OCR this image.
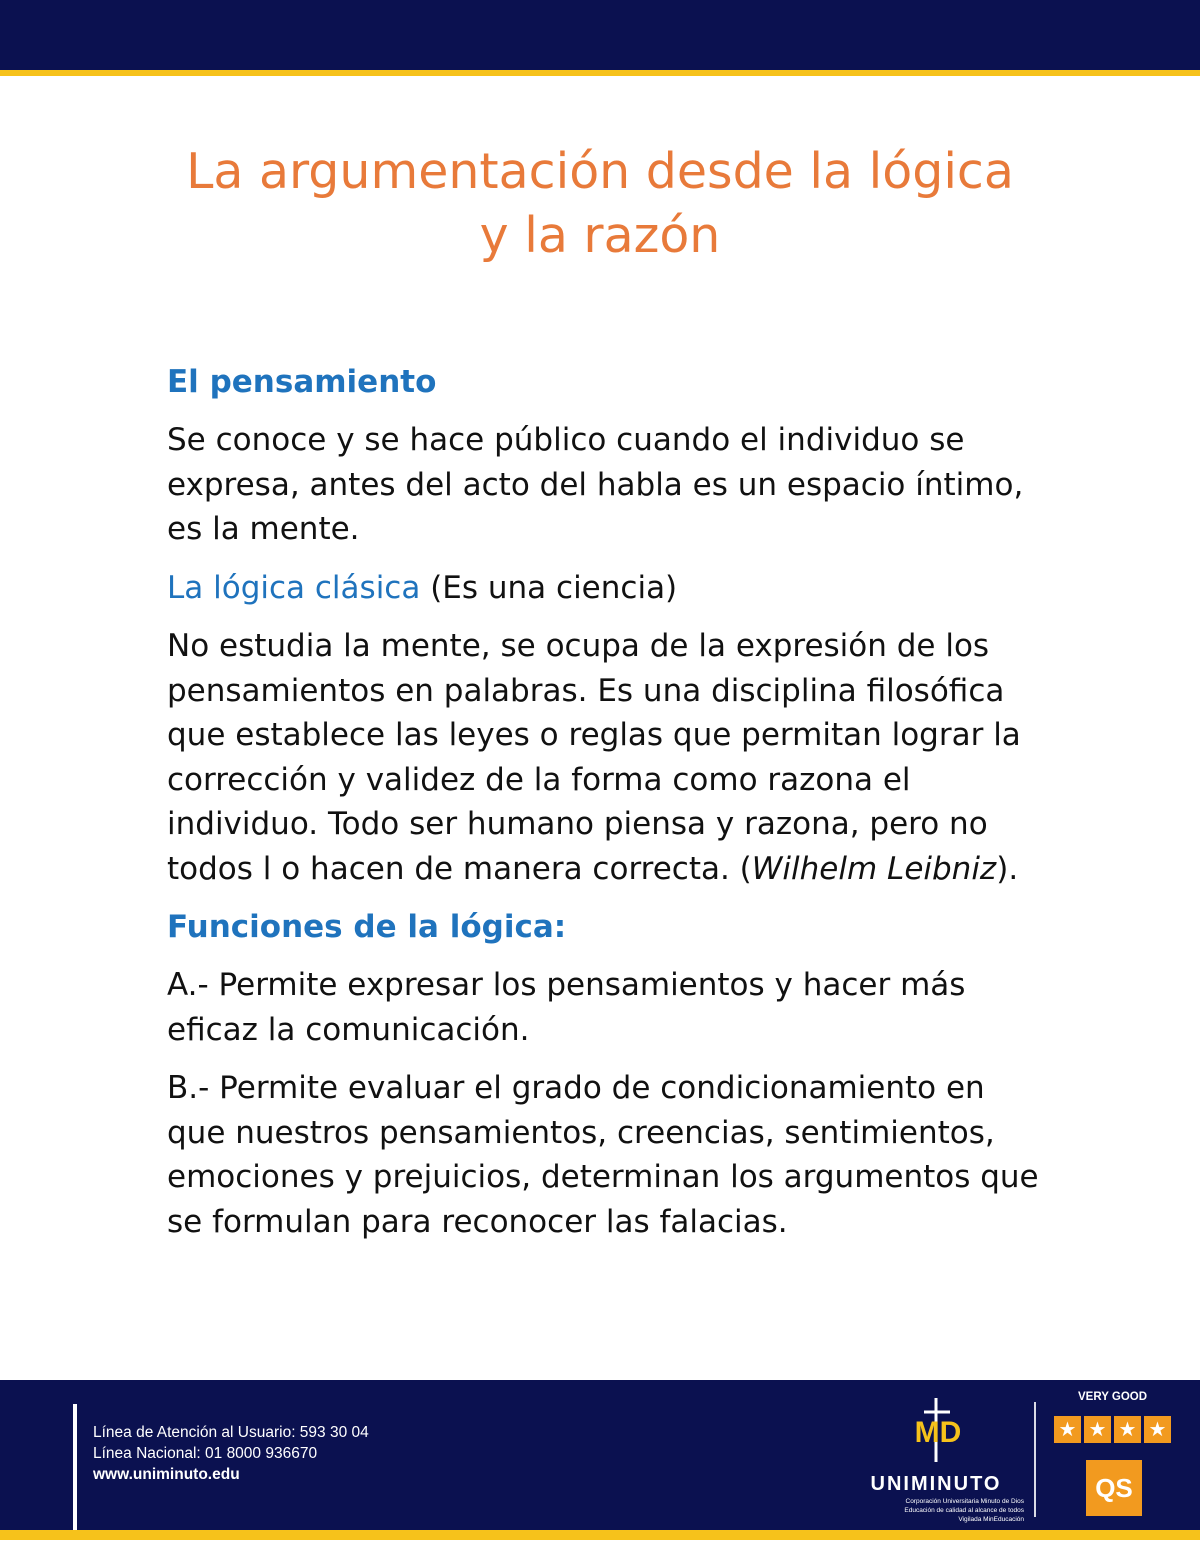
La argumentación desde la lógica
y la razón
El pensamiento

Se conoce y se hace público cuando el individuo se expresa, antes del acto del habla es un espacio íntimo, es la mente.

La lógica clásica (Es una ciencia)

No estudia la mente, se ocupa de la expresión de los pensamientos en palabras. Es una disciplina filosófica que establece las leyes o reglas que permitan lograr la corrección y validez de la forma como razona el individuo. Todo ser humano piensa y razona, pero no todos l o hacen de manera correcta. (Wilhelm Leibniz).

Funciones de la lógica:

A.- Permite expresar los pensamientos y hacer más eficaz la comunicación.

B.- Permite evaluar el grado de condicionamiento en que nuestros pensamientos, creencias, sentimientos, emociones y prejuicios, determinan los argumentos que se formulan para reconocer las falacias.

Línea de Atención al Usuario: 593 30 04
Línea Nacional: 01 8000 936670
www.uniminuto.edu
MD
UNIMINUTO
Corporación Universitaria Minuto de Dios
Educación de calidad al alcance de todos
Vigilada MinEducación
VERY GOOD
★ ★ ★ ★
QS
